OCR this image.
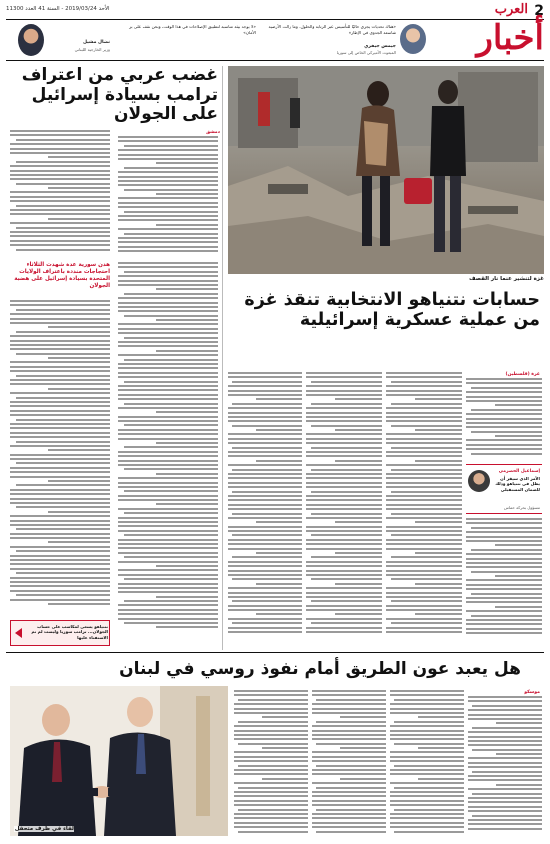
2
العرب
الأحد 2019/03/24 - السنة 41 العدد 11300
أخبار
«هناك تحديات يجري حاليًا للتأسيس عبر الرتابة والحلول، وما زالت الأرضية شاسعة الجدوى في الإطار»
جيمس جيفري
المبعوث الأميركي الخاص إلى سوريا
«لا يوجد بيئة مناسبة لتطبيق الإصلاحات في هذا الوقت، ونحن نقف على بر الأمان»
نضال مشيل
وزير الخارجية اللبناني
غضب عربي من اعتراف ترامب بسيادة إسرائيل على الجولان
دمشق
هدن سورية عدة شهدت الثلاثاء احتجاجات منددة باعتراف الولايات المتحدة بسيادة إسرائيل على هضبة الجولان
نتنياهو يسعى لمكاسب على حساب الجولان... ترامب سوريا وليست لم تم الاستفتاء عليها
غزة لتنشير عنما نار القصف
حسابات نتنياهو الانتخابية تنقذ غزة من عملية عسكرية إسرائيلية
غزة (فلسطين)
إسماعيل الحضرمي
الأمر الذي سيقر أن يظل في نتنياهو وذلك للضمان المستقبلي
مسؤول بحركة حماس
هل يعبد عون الطريق أمام نفوذ روسي في لبنان
موسكو
لقاء في ظرف متحفل
